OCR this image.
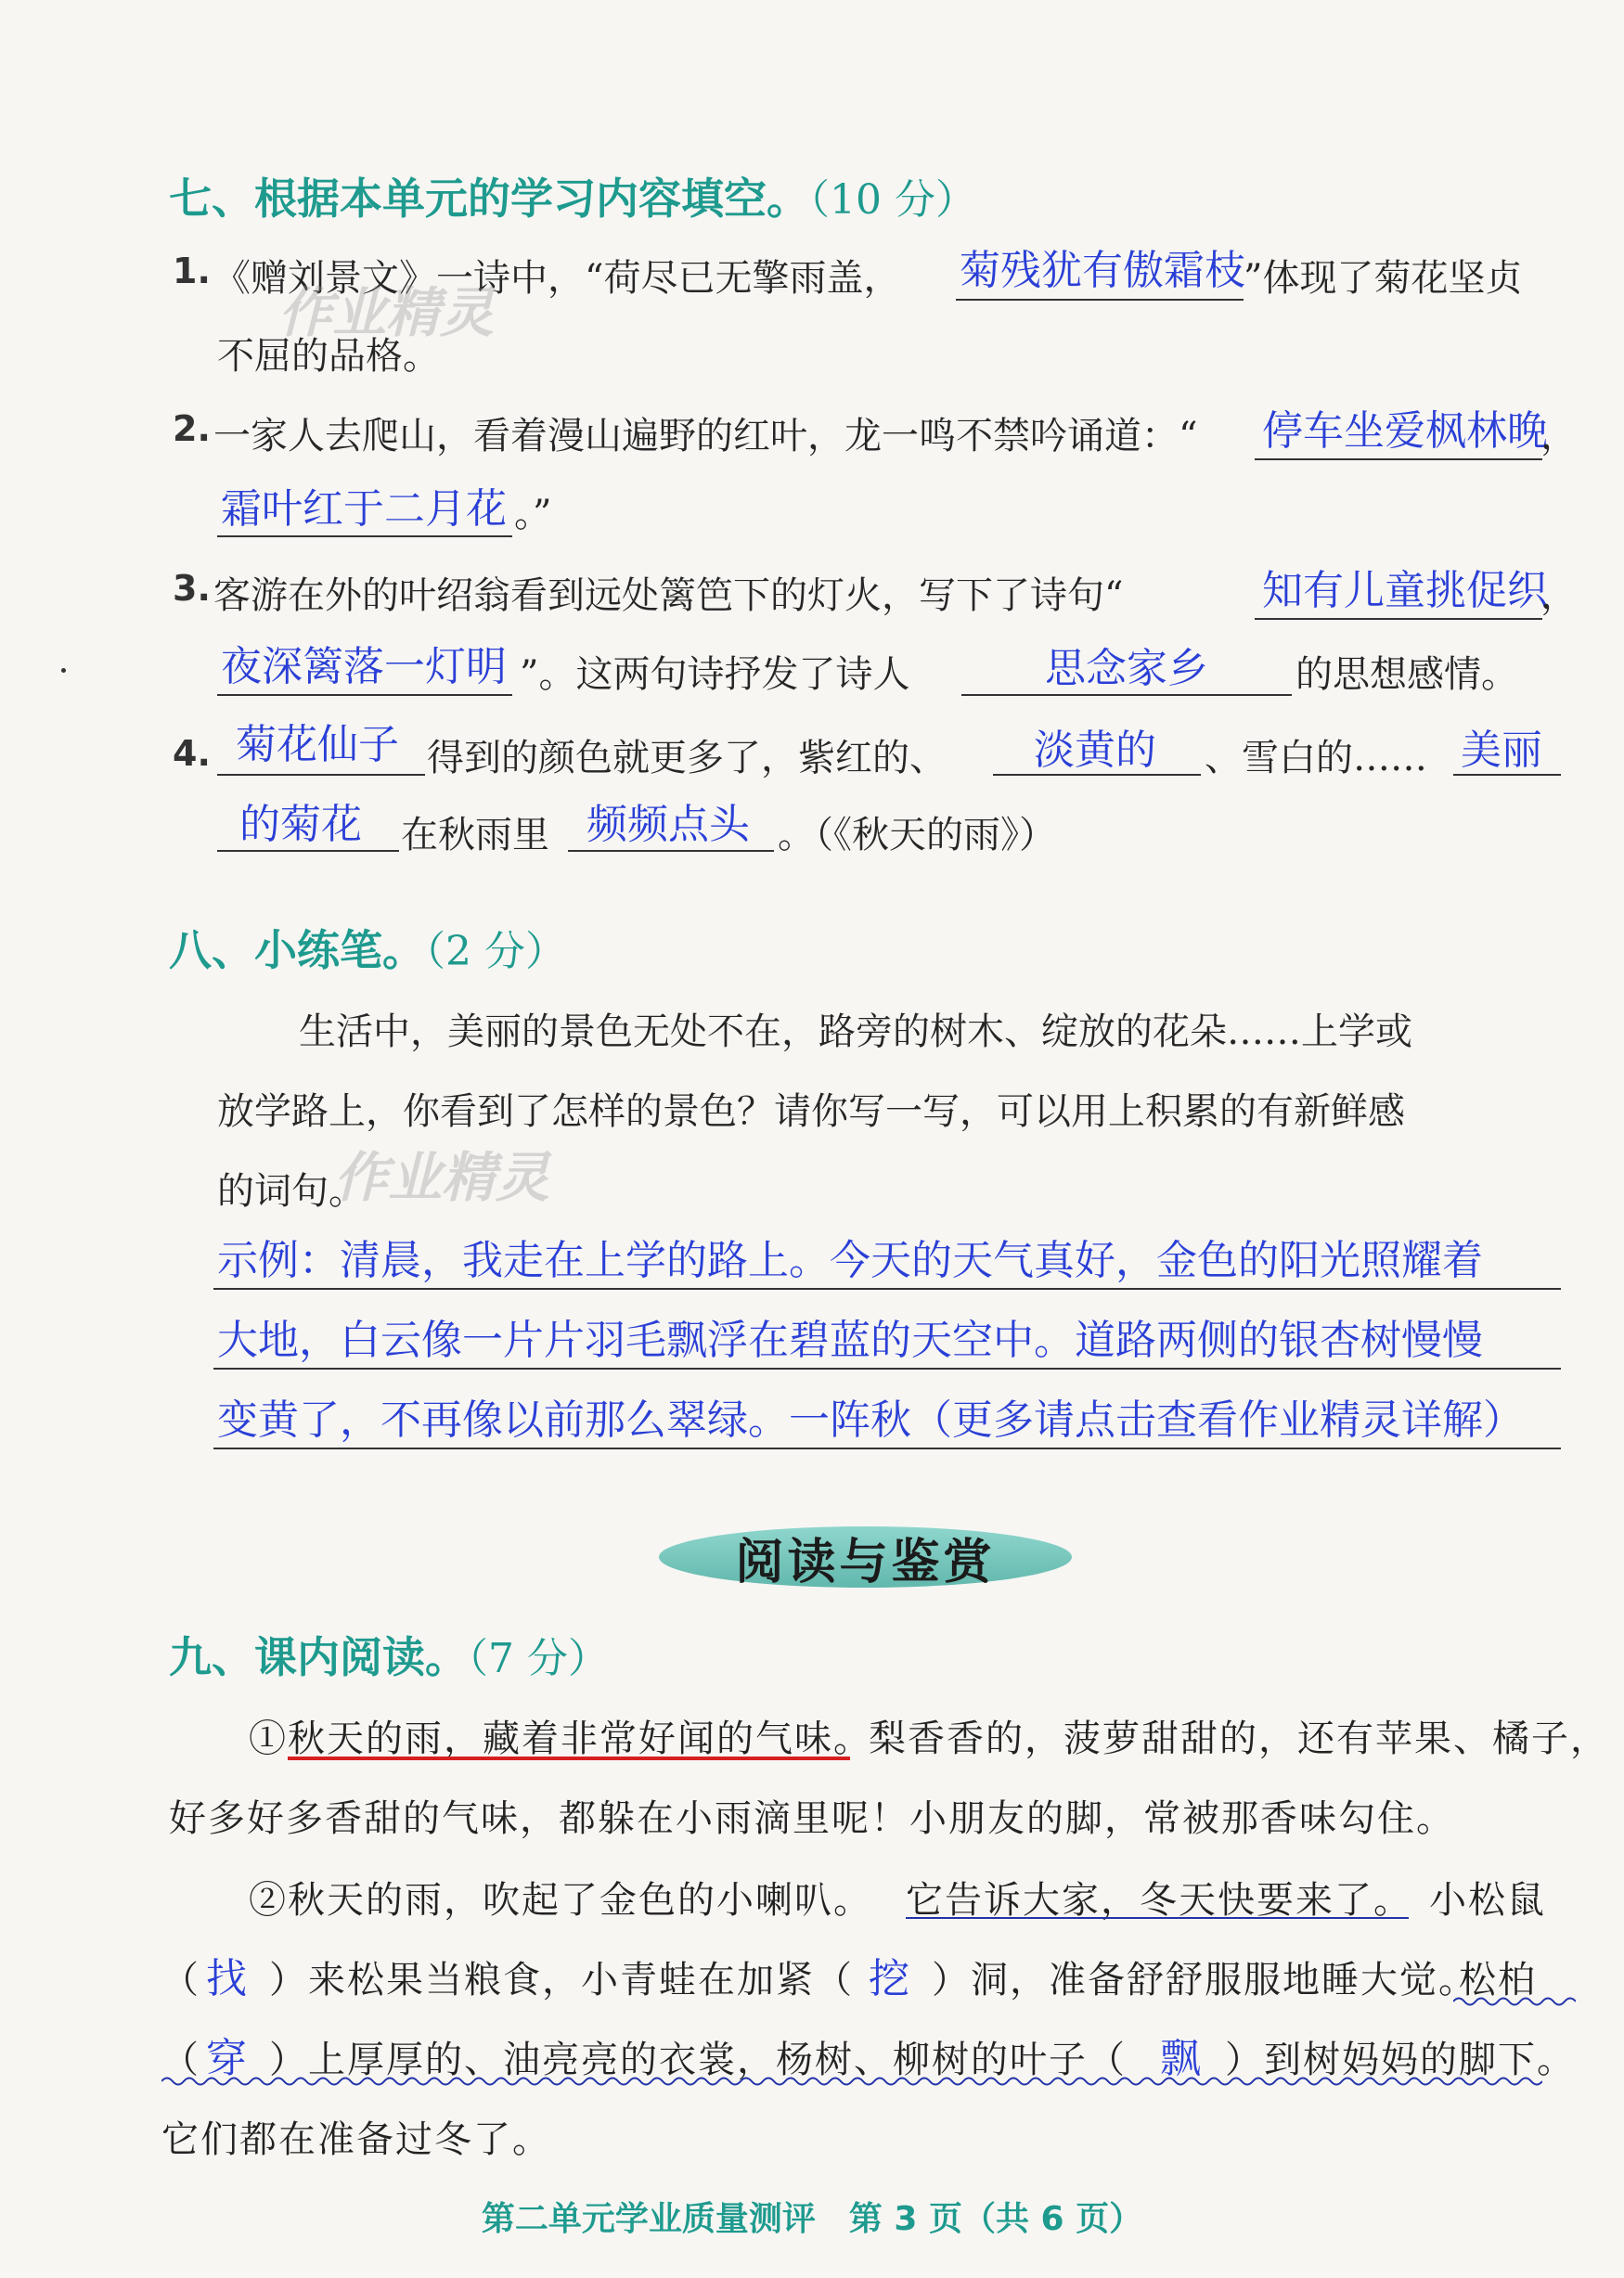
七、根据本单元的学习内容填空。（10 分）
1. 《赠刘景文》一诗中，“荷尽已无擎雨盖， 菊残犹有傲霜枝
”体现了菊花坚贞
不屈的品格。
作业精灵
2. 一家人去爬山，看着漫山遍野的红叶，龙一鸣不禁吟诵道：“ 停车坐爱枫林晚
，
霜叶红于二月花 。”
3. 客游在外的叶绍翁看到远处篱笆下的灯火，写下了诗句“	知有儿童挑促织
，
夜深篱落一灯明 ”。这两句诗抒发了诗人	思念家乡 的思想感情。
4. 菊花仙子 得到的颜色就更多了，紫红的、 淡黄的 、雪白的…… 美丽
的菊花 在秋雨里 频频点头 。（《秋天的雨》）
八、小练笔。（2 分）
生活中，美丽的景色无处不在，路旁的树木、绽放的花朵……上学或
放学路上，你看到了怎样的景色？请你写一写，可以用上积累的有新鲜感
的词句。
作业精灵
示例：清晨，我走在上学的路上。今天的天气真好，金色的阳光照耀着
大地，白云像一片片羽毛飘浮在碧蓝的天空中。道路两侧的银杏树慢慢
变黄了，不再像以前那么翠绿。一阵秋（更多请点击查看作业精灵详解）
阅读与鉴赏
九、课内阅读。（7 分）
①秋天的雨，藏着非常好闻的气味。
梨香香的，菠萝甜甜的，还有苹果、橘子，
好多好多香甜的气味，都躲在小雨滴里呢！小朋友的脚，常被那香味勾住。
②秋天的雨，吹起了金色的小喇叭。 它告诉大家，冬天快要来了。 小松鼠
（ 找 ）来松果当粮食，小青蛙在加紧（ 挖 ）洞，准备舒舒服服地睡大觉。
松柏
（ 穿 ）上厚厚的、油亮亮的衣裳，杨树、柳树的叶子（ 飘 ）到树妈妈的脚下。
它们都在准备过冬了。
第二单元学业质量测评　第 3 页（共 6 页）
